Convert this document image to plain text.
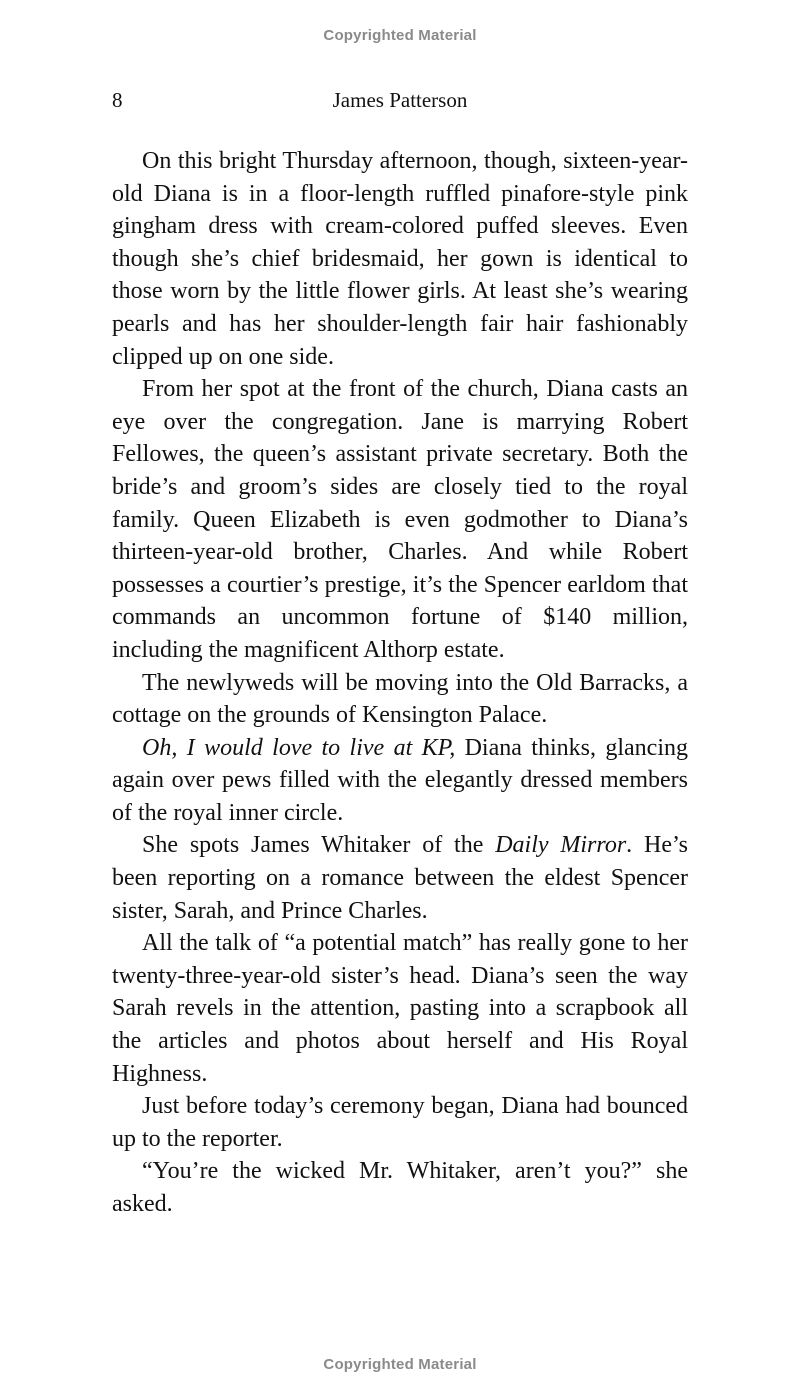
Copyrighted Material
8	James Patterson

On this bright Thursday afternoon, though, sixteen-year-old Diana is in a floor-length ruffled pinafore-style pink gingham dress with cream-colored puffed sleeves. Even though she’s chief bridesmaid, her gown is identical to those worn by the little flower girls. At least she’s wearing pearls and has her shoulder-length fair hair fashionably clipped up on one side.

From her spot at the front of the church, Diana casts an eye over the congregation. Jane is marrying Robert Fellowes, the queen’s assistant private secretary. Both the bride’s and groom’s sides are closely tied to the royal family. Queen Elizabeth is even godmother to Diana’s thirteen-year-old brother, Charles. And while Robert possesses a courtier’s prestige, it’s the Spencer earldom that commands an uncommon fortune of $140 million, including the magnificent Althorp estate.

The newlyweds will be moving into the Old Barracks, a cottage on the grounds of Kensington Palace.

Oh, I would love to live at KP, Diana thinks, glancing again over pews filled with the elegantly dressed members of the royal inner circle.

She spots James Whitaker of the Daily Mirror. He’s been reporting on a romance between the eldest Spencer sister, Sarah, and Prince Charles.

All the talk of “a potential match” has really gone to her twenty-three-year-old sister’s head. Diana’s seen the way Sarah revels in the attention, pasting into a scrapbook all the articles and photos about herself and His Royal Highness.

Just before today’s ceremony began, Diana had bounced up to the reporter.

“You’re the wicked Mr. Whitaker, aren’t you?” she asked.

Copyrighted Material
